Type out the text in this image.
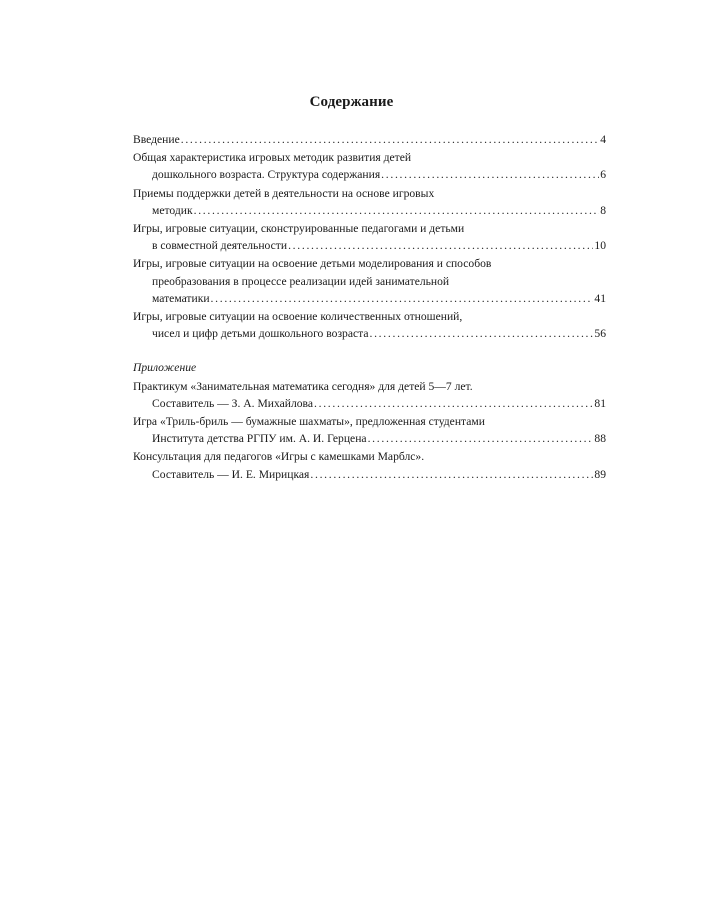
Содержание
Введение . . .	4
Общая характеристика игровых методик развития детей
дошкольного возраста. Структура содержания . . .	6
Приемы поддержки детей в деятельности на основе игровых
методик . . .	8
Игры, игровые ситуации, сконструированные педагогами и детьми
в совместной деятельности . . .	10
Игры, игровые ситуации на освоение детьми моделирования и способов
преобразования в процессе реализации идей занимательной
математики . . .	41
Игры, игровые ситуации на освоение количественных отношений,
чисел и цифр детьми дошкольного возраста . . .	56
Приложение
Практикум «Занимательная математика сегодня» для детей 5—7 лет.
Составитель — З. А. Михайлова . . .	81
Игра «Триль-бриль — бумажные шахматы», предложенная студентами
Института детства РГПУ им. А. И. Герцена . . .	88
Консультация для педагогов «Игры с камешками Марблс».
Составитель — И. Е. Мирицкая . . .	89
